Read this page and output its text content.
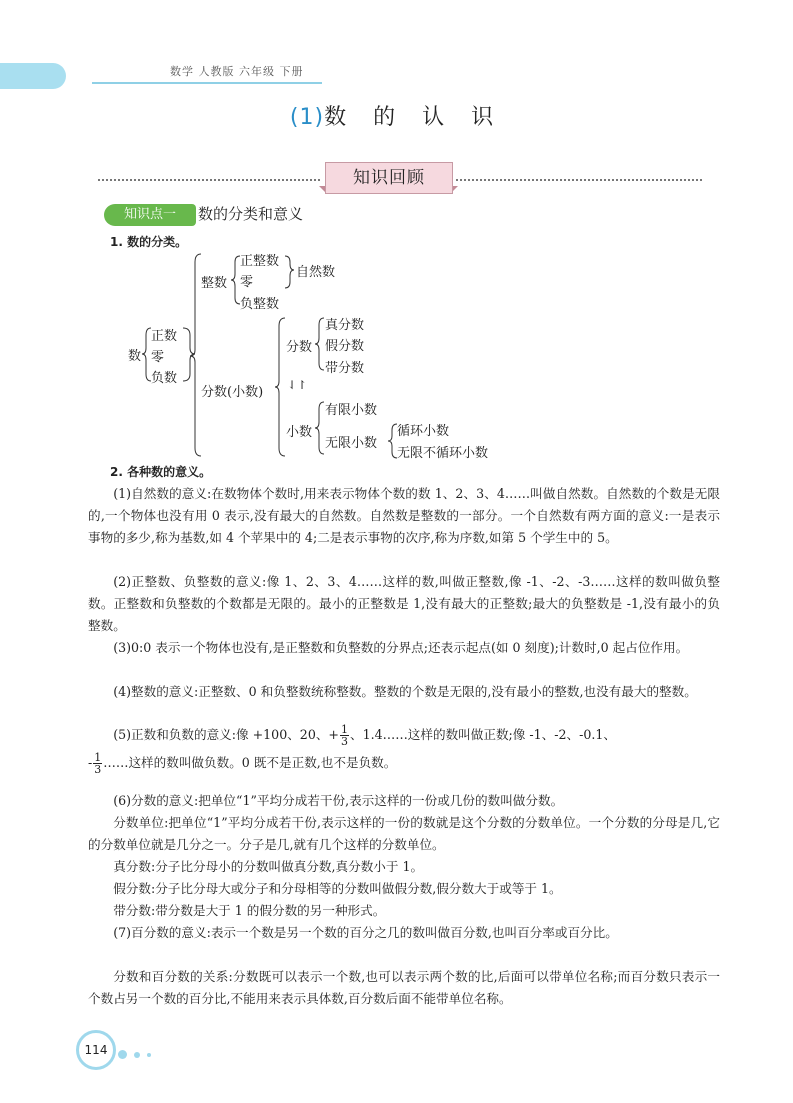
数学 人教版 六年级 下册
(1)数 的 认 识
知识回顾
知识点一	数的分类和意义
1. 数的分类。
数
正数
零
负数
整数
正整数
零
负整数
自然数
分数(小数)
分数
真分数
假分数
带分数
⇃↾
小数
有限小数
无限小数
循环小数
无限不循环小数
2. 各种数的意义。
(1)自然数的意义:在数物体个数时,用来表示物体个数的数 1、2、3、4……叫做自然数。自然数的个数是无限的,一个物体也没有用 0 表示,没有最大的自然数。自然数是整数的一部分。一个自然数有两方面的意义:一是表示事物的多少,称为基数,如 4 个苹果中的 4;二是表示事物的次序,称为序数,如第 5 个学生中的 5。
(2)正整数、负整数的意义:像 1、2、3、4……这样的数,叫做正整数,像 -1、-2、-3……这样的数叫做负整数。正整数和负整数的个数都是无限的。最小的正整数是 1,没有最大的正整数;最大的负整数是 -1,没有最小的负整数。
(3)0:0 表示一个物体也没有,是正整数和负整数的分界点;还表示起点(如 0 刻度);计数时,0 起占位作用。
(4)整数的意义:正整数、0 和负整数统称整数。整数的个数是无限的,没有最小的整数,也没有最大的整数。
(5)正数和负数的意义:像 +100、20、+ $\frac{1}{3}$ 、1.4……这样的数叫做正数;像 -1、-2、-0.1、
- $\frac{1}{3}$ ……这样的数叫做负数。0 既不是正数,也不是负数。
(6)分数的意义:把单位“1”平均分成若干份,表示这样的一份或几份的数叫做分数。
分数单位:把单位“1”平均分成若干份,表示这样的一份的数就是这个分数的分数单位。一个分数的分母是几,它的分数单位就是几分之一。分子是几,就有几个这样的分数单位。
真分数:分子比分母小的分数叫做真分数,真分数小于 1。
假分数:分子比分母大或分子和分母相等的分数叫做假分数,假分数大于或等于 1。
带分数:带分数是大于 1 的假分数的另一种形式。
(7)百分数的意义:表示一个数是另一个数的百分之几的数叫做百分数,也叫百分率或百分比。
分数和百分数的关系:分数既可以表示一个数,也可以表示两个数的比,后面可以带单位名称;而百分数只表示一个数占另一个数的百分比,不能用来表示具体数,百分数后面不能带单位名称。
114
